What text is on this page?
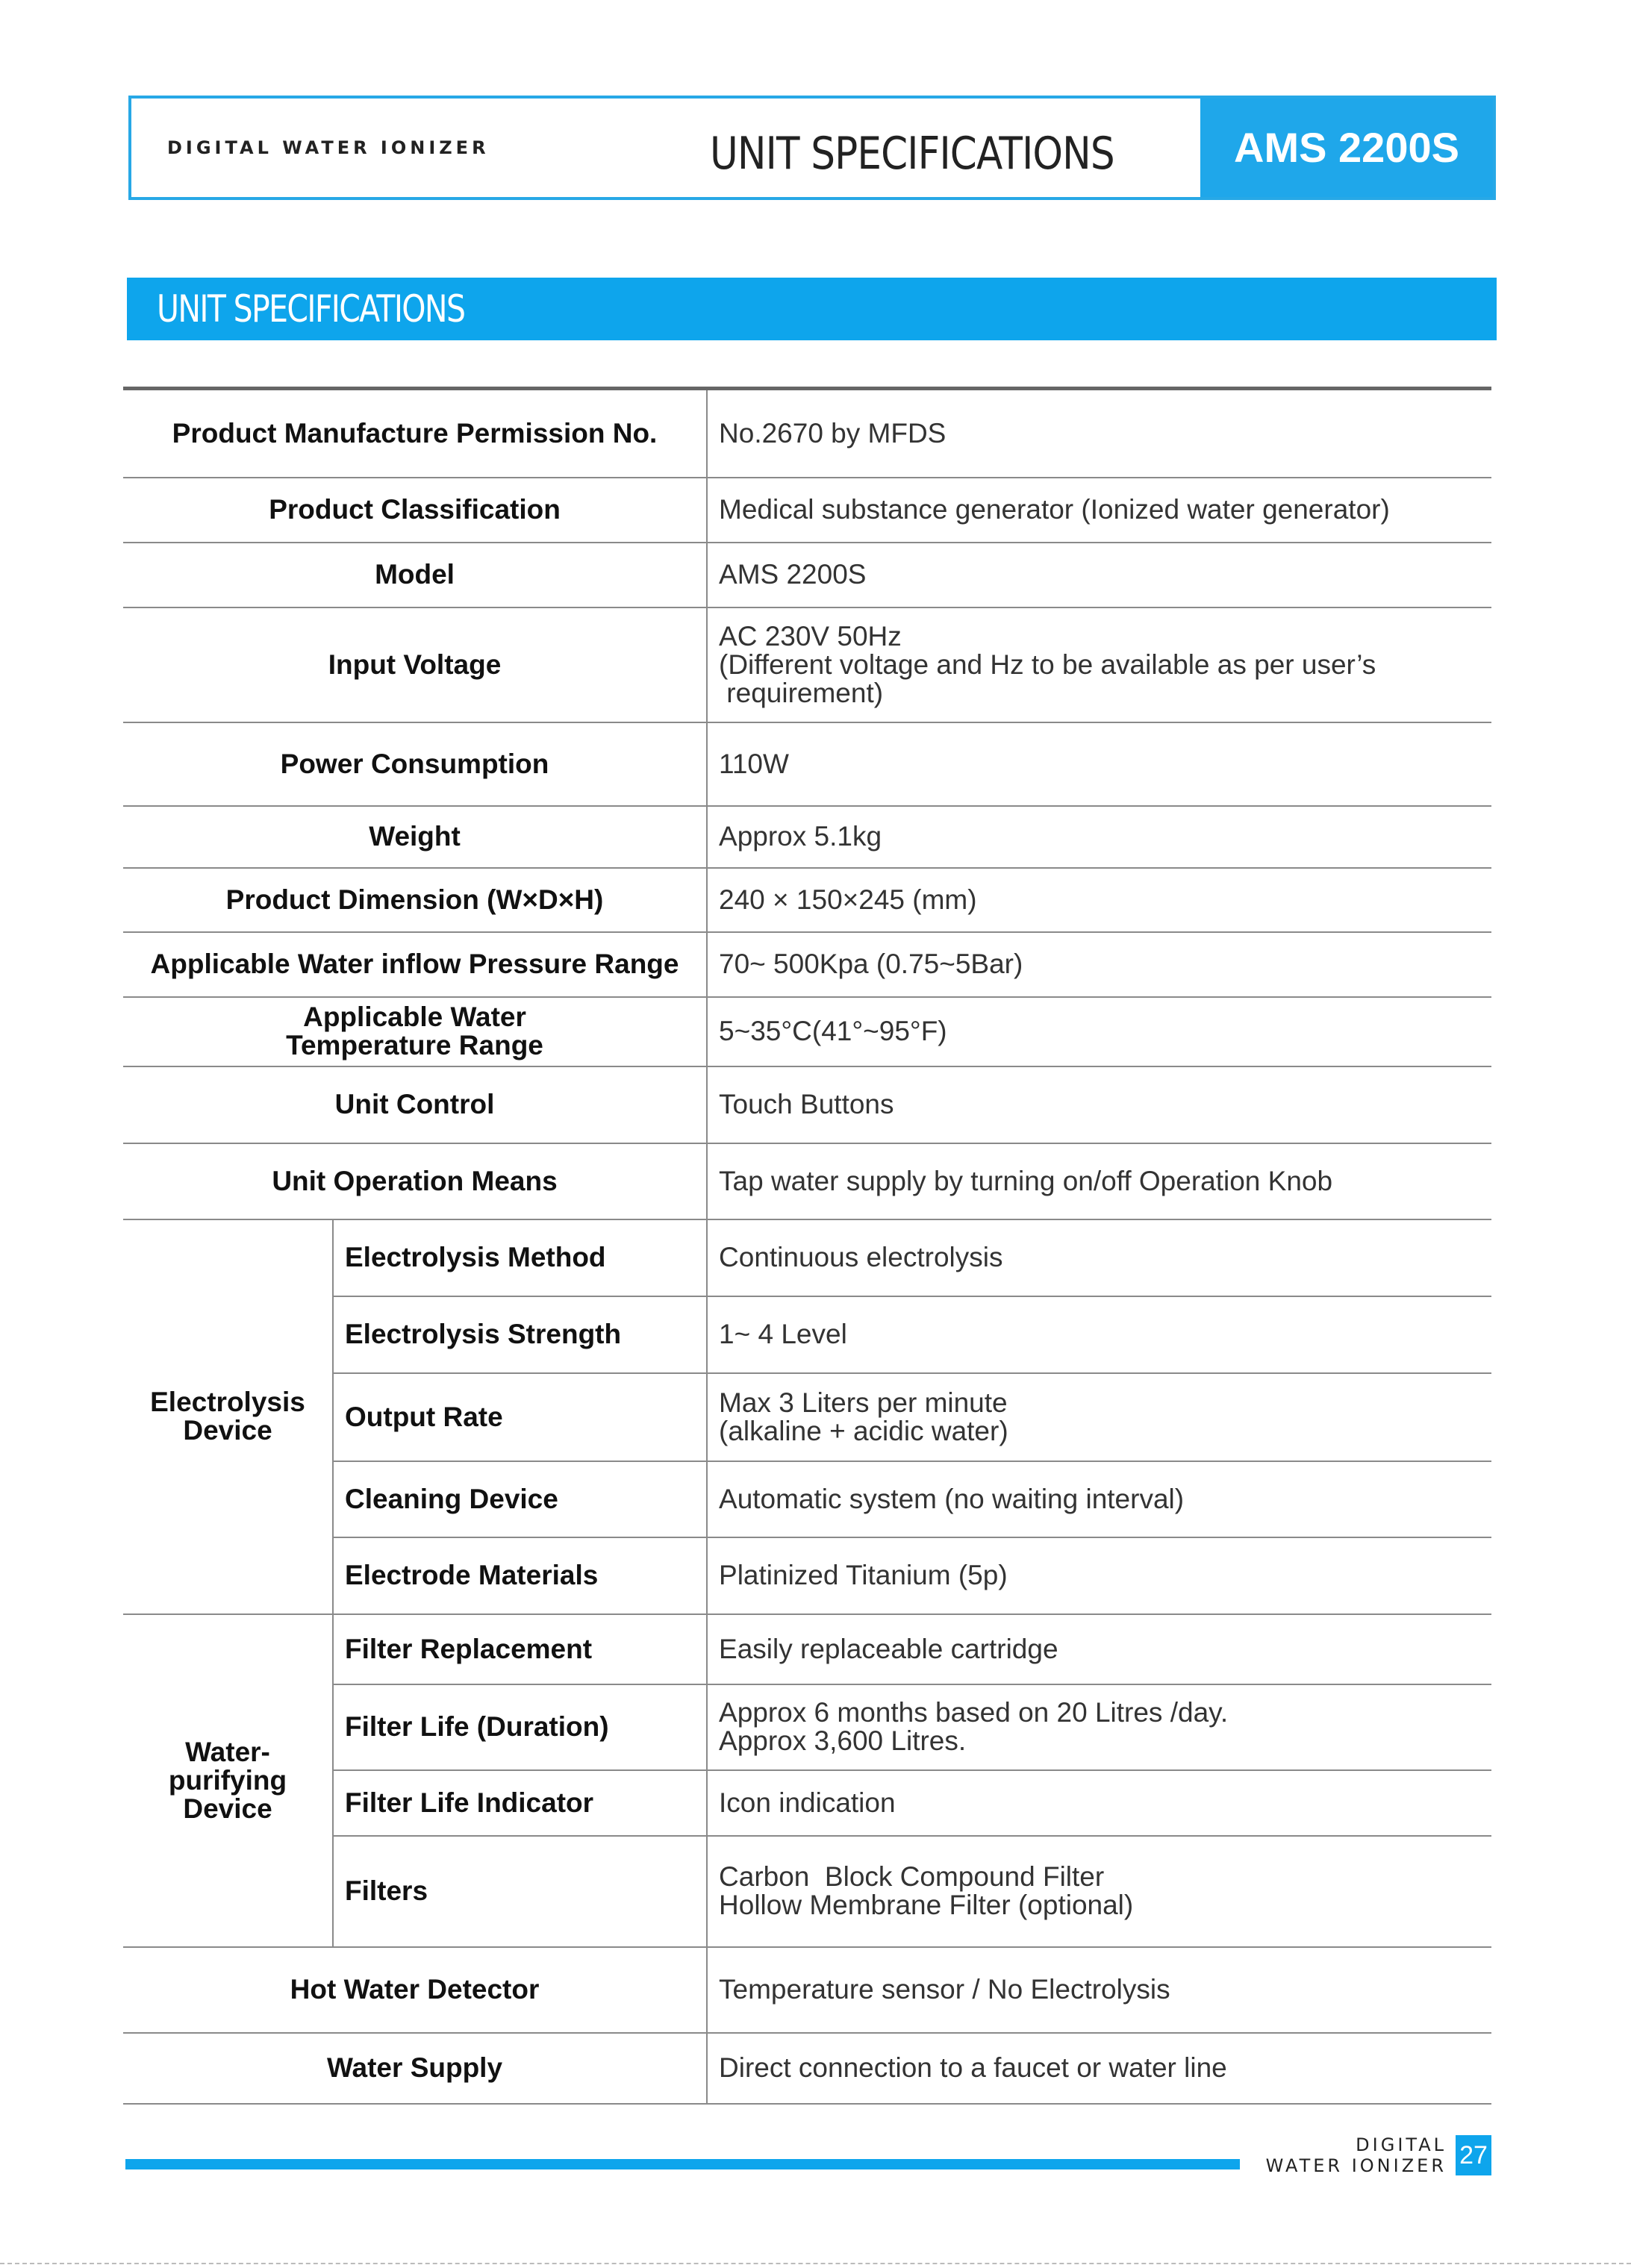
DIGITAL WATER IONIZER	UNIT SPECIFICATIONS	AMS 2200S
UNIT SPECIFICATIONS
Product Manufacture Permission No.		No.2670 by MFDS
Product Classification		Medical substance generator (Ionized water generator)
Model		AMS 2200S
Input Voltage		AC 230V 50Hz
(Different voltage and Hz to be available as per user’s
requirement)

Power Consumption		110W
Weight		Approx 5.1kg
Product Dimension (W×D×H)		240 × 150×245 (mm)
Applicable Water inflow Pressure Range		70~ 500Kpa (0.75~5Bar)

Applicable Water
Temperature Range		5~35°C(41°~95°F)
Unit Control		Touch Buttons
Unit Operation Means		Tap water supply by turning on/off Operation Knob

Electrolysis
Device	Electrolysis Method	Continuous electrolysis
	Electrolysis Strength	1~ 4 Level
	Output Rate	Max 3 Liters per minute
(alkaline + acidic water)

	Cleaning Device	Automatic system (no waiting interval)
	Electrode Materials	Platinized Titanium (5p)

Water-
purifying
Device	Filter Replacement	Easily replaceable cartridge
	Filter Life (Duration)	Approx 6 months based on 20 Litres /day.
Approx 3,600 Litres.

	Filter Life Indicator	Icon indication
	Filters	Carbon  Block Compound Filter
Hollow Membrane Filter (optional)

Hot Water Detector		Temperature sensor / No Electrolysis
Water Supply		Direct connection to a faucet or water line
DIGITAL
WATER IONIZER 27
